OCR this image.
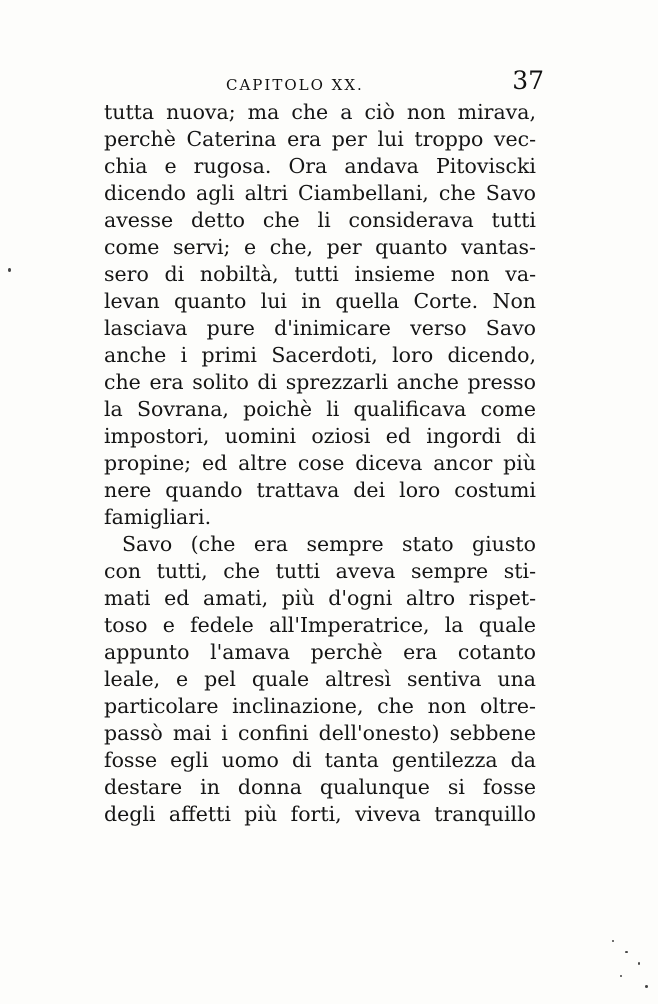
CAPITOLO XX.	37
tutta nuova; ma che a ciò non mirava,
perchè Caterina era per lui troppo vec-
chia e rugosa. Ora andava Pitoviscki
dicendo agli altri Ciambellani, che Savo
avesse detto che li considerava tutti
come servi; e che, per quanto vantas-
sero di nobiltà, tutti insieme non va-
levan quanto lui in quella Corte. Non
lasciava pure d'inimicare verso Savo
anche i primi Sacerdoti, loro dicendo,
che era solito di sprezzarli anche presso
la Sovrana, poichè li qualificava come
impostori, uomini oziosi ed ingordi di
propine; ed altre cose diceva ancor più
nere quando trattava dei loro costumi
famigliari.
Savo (che era sempre stato giusto
con tutti, che tutti aveva sempre sti-
mati ed amati, più d'ogni altro rispet-
toso e fedele all'Imperatrice, la quale
appunto l'amava perchè era cotanto
leale, e pel quale altresì sentiva una
particolare inclinazione, che non oltre-
passò mai i confini dell'onesto) sebbene
fosse egli uomo di tanta gentilezza da
destare in donna qualunque si fosse
degli affetti più forti, viveva tranquillo
